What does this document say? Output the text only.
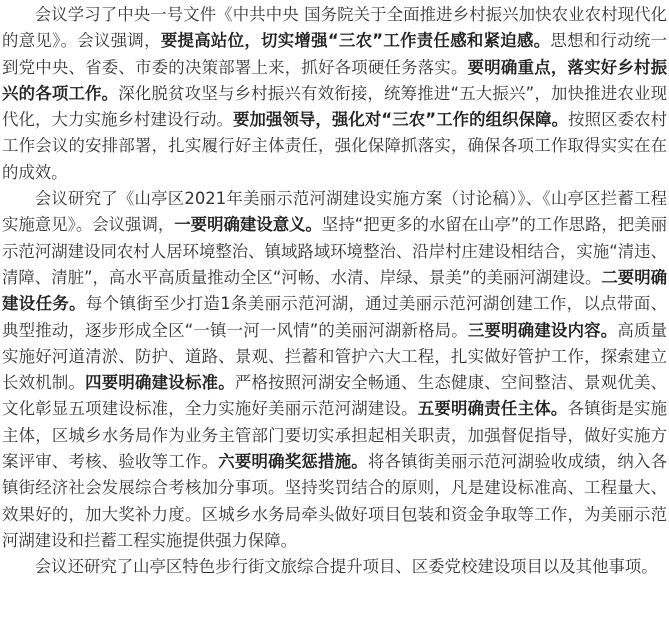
会议学习了中央一号文件《中共中央 国务院关于全面推进乡村振兴加快农业农村现代化的意见》。会议强调，要提高站位，切实增强“三农”工作责任感和紧迫感。思想和行动统一到党中央、省委、市委的决策部署上来，抓好各项硬任务落实。要明确重点，落实好乡村振兴的各项工作。深化脱贫攻坚与乡村振兴有效衔接，统筹推进“五大振兴”，加快推进农业现代化，大力实施乡村建设行动。要加强领导，强化对“三农”工作的组织保障。按照区委农村工作会议的安排部署，扎实履行好主体责任，强化保障抓落实，确保各项工作取得实实在在的成效。

会议研究了《山亭区2021年美丽示范河湖建设实施方案（讨论稿）》、《山亭区拦蓄工程实施意见》。会议强调，一要明确建设意义。坚持“把更多的水留在山亭”的工作思路，把美丽示范河湖建设同农村人居环境整治、镇域路域环境整治、沿岸村庄建设相结合，实施“清违、清障、清脏”，高水平高质量推动全区“河畅、水清、岸绿、景美”的美丽河湖建设。二要明确建设任务。每个镇街至少打造1条美丽示范河湖，通过美丽示范河湖创建工作，以点带面、典型推动，逐步形成全区“一镇一河一风情”的美丽河湖新格局。三要明确建设内容。高质量实施好河道清淤、防护、道路、景观、拦蓄和管护六大工程，扎实做好管护工作，探索建立长效机制。四要明确建设标准。严格按照河湖安全畅通、生态健康、空间整洁、景观优美、文化彰显五项建设标准，全力实施好美丽示范河湖建设。五要明确责任主体。各镇街是实施主体，区城乡水务局作为业务主管部门要切实承担起相关职责，加强督促指导，做好实施方案评审、考核、验收等工作。六要明确奖惩措施。将各镇街美丽示范河湖验收成绩，纳入各镇街经济社会发展综合考核加分事项。坚持奖罚结合的原则，凡是建设标准高、工程量大、效果好的，加大奖补力度。区城乡水务局牵头做好项目包装和资金争取等工作，为美丽示范河湖建设和拦蓄工程实施提供强力保障。

会议还研究了山亭区特色步行街文旅综合提升项目、区委党校建设项目以及其他事项。
